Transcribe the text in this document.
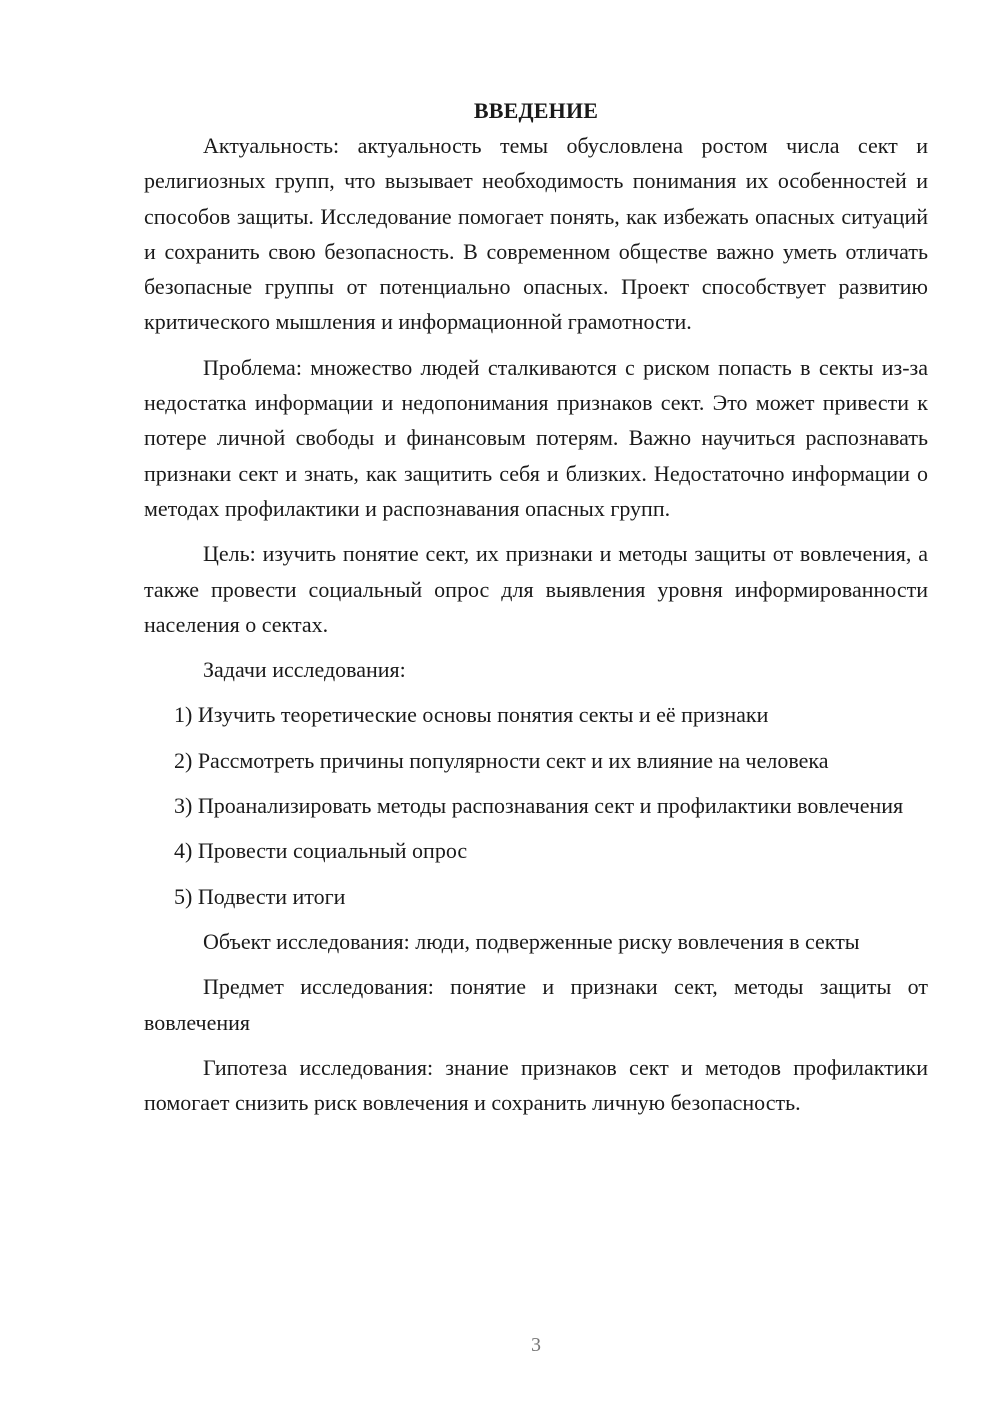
ВВЕДЕНИЕ

Актуальность: актуальность темы обусловлена ростом числа сект и религиозных групп, что вызывает необходимость понимания их особенностей и способов защиты. Исследование помогает понять, как избежать опасных ситуаций и сохранить свою безопасность. В современном обществе важно уметь отличать безопасные группы от потенциально опасных. Проект способствует развитию критического мышления и информационной грамотности.

Проблема: множество людей сталкиваются с риском попасть в секты из-за недостатка информации и недопонимания признаков сект. Это может привести к потере личной свободы и финансовым потерям. Важно научиться распознавать признаки сект и знать, как защитить себя и близких. Недостаточно информации о методах профилактики и распознавания опасных групп.

Цель: изучить понятие сект, их признаки и методы защиты от вовлечения, а также провести социальный опрос для выявления уровня информированности населения о сектах.

Задачи исследования:

1) Изучить теоретические основы понятия секты и её признаки

2) Рассмотреть причины популярности сект и их влияние на человека

3) Проанализировать методы распознавания сект и профилактики вовлечения

4) Провести социальный опрос

5) Подвести итоги

Объект исследования: люди, подверженные риску вовлечения в секты

Предмет исследования: понятие и признаки сект, методы защиты от вовлечения

Гипотеза исследования: знание признаков сект и методов профилактики помогает снизить риск вовлечения и сохранить личную безопасность.

3
